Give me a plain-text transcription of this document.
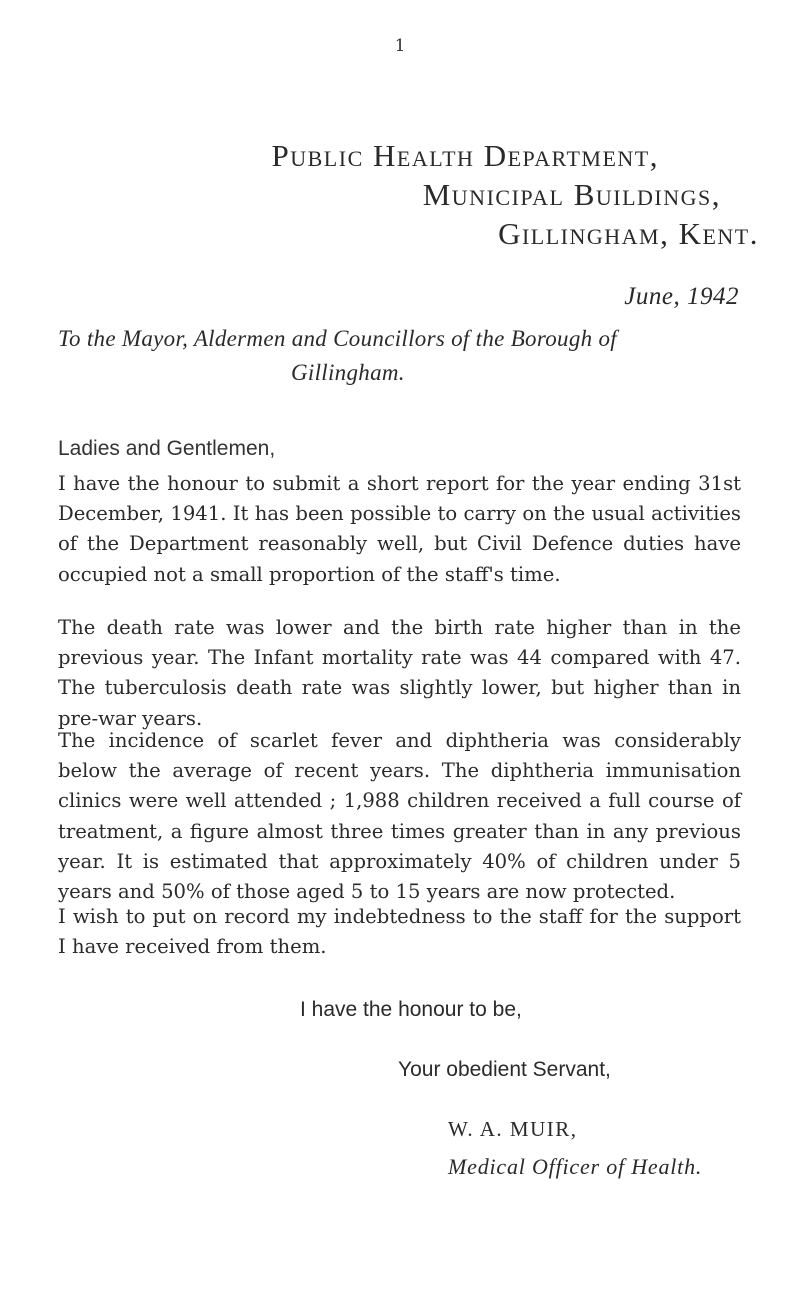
1
Public Health Department,
Municipal Buildings,
Gillingham, Kent.
June, 1942
To the Mayor, Aldermen and Councillors of the Borough of
Gillingham.
Ladies and Gentlemen,

I have the honour to submit a short report for the year ending 31st December, 1941. It has been possible to carry on the usual activities of the Department reasonably well, but Civil Defence duties have occupied not a small proportion of the staff's time.

The death rate was lower and the birth rate higher than in the previous year. The Infant mortality rate was 44 compared with 47. The tuberculosis death rate was slightly lower, but higher than in pre-war years.

The incidence of scarlet fever and diphtheria was considerably below the average of recent years. The diphtheria immunisation clinics were well attended ; 1,988 children received a full course of treatment, a figure almost three times greater than in any previous year. It is estimated that approximately 40% of children under 5 years and 50% of those aged 5 to 15 years are now protected.

I wish to put on record my indebtedness to the staff for the support I have received from them.

I have the honour to be,
Your obedient Servant,
W. A. MUIR,
Medical Officer of Health.
